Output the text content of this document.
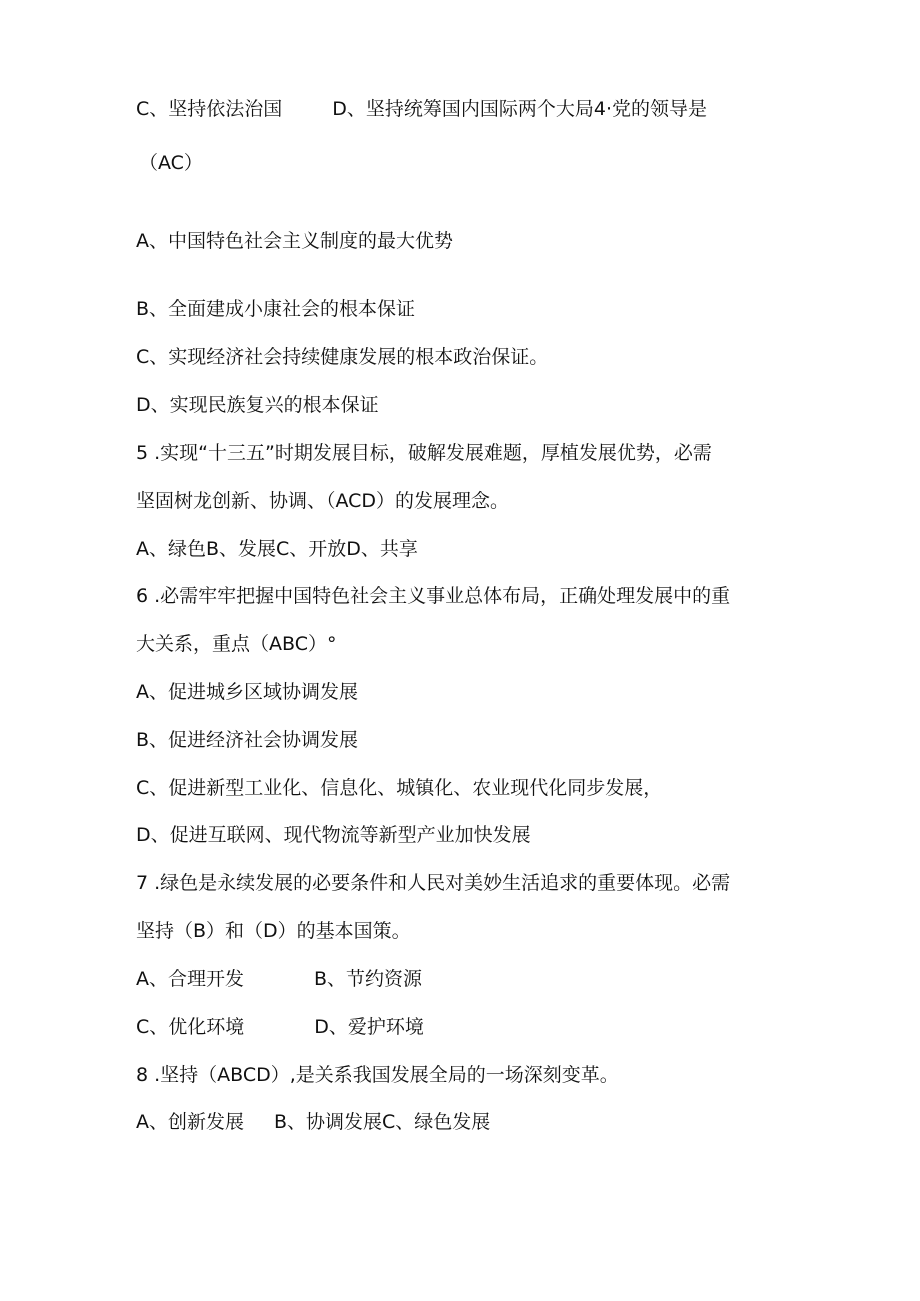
C、坚持依法治国	D、坚持统筹国内国际两个大局4·党的领导是
（AC）
A、中国特色社会主义制度的最大优势
B、全面建成小康社会的根本保证
C、实现经济社会持续健康发展的根本政治保证。
D、实现民族复兴的根本保证
5 .实现“十三五”时期发展目标，破解发展难题，厚植发展优势，必需
坚固树龙创新、协调、（ACD）的发展理念。
A、绿色B、发展C、开放D、共享
6 .必需牢牢把握中国特色社会主义事业总体布局，正确处理发展中的重
大关系，重点（ABC）°
A、促进城乡区域协调发展
B、促进经济社会协调发展
C、促进新型工业化、信息化、城镇化、农业现代化同步发展，
D、促进互联网、现代物流等新型产业加快发展
7 .绿色是永续发展的必要条件和人民对美妙生活追求的重要体现。必需
坚持（B）和（D）的基本国策。
A、合理开发	B、节约资源
C、优化环境	D、爱护环境
8 .坚持（ABCD）,是关系我国发展全局的一场深刻变革。
A、创新发展 B、协调发展C、绿色发展
